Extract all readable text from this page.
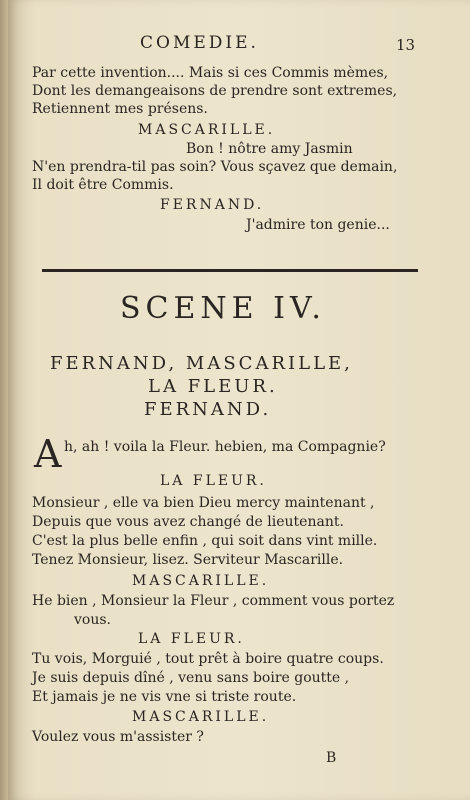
COMEDIE.	13
Par cette invention.... Mais si ces Commis mèmes,
Dont les demangeaisons de prendre sont extremes,
Retiennent mes présens.
MASCARILLE.
Bon ! nôtre amy Jasmin
N'en prendra-til pas soin? Vous sçavez que demain,
Il doit être Commis.
FERNAND.
J'admire ton genie...
SCENE IV.
FERNAND, MASCARILLE,
LA FLEUR.
FERNAND.
A h, ah ! voila la Fleur. hebien, ma Compagnie?
LA FLEUR.
Monsieur , elle va bien Dieu mercy maintenant ,
Depuis que vous avez changé de lieutenant.
C'est la plus belle enfin , qui soit dans vint mille.
Tenez Monsieur, lisez. Serviteur Mascarille.
MASCARILLE.
He bien , Monsieur la Fleur , comment vous portez
vous.
LA FLEUR.
Tu vois, Morguié , tout prêt à boire quatre coups.
Je suis depuis dîné , venu sans boire goutte ,
Et jamais je ne vis vne si triste route.
MASCARILLE.
Voulez vous m'assister ?
B
